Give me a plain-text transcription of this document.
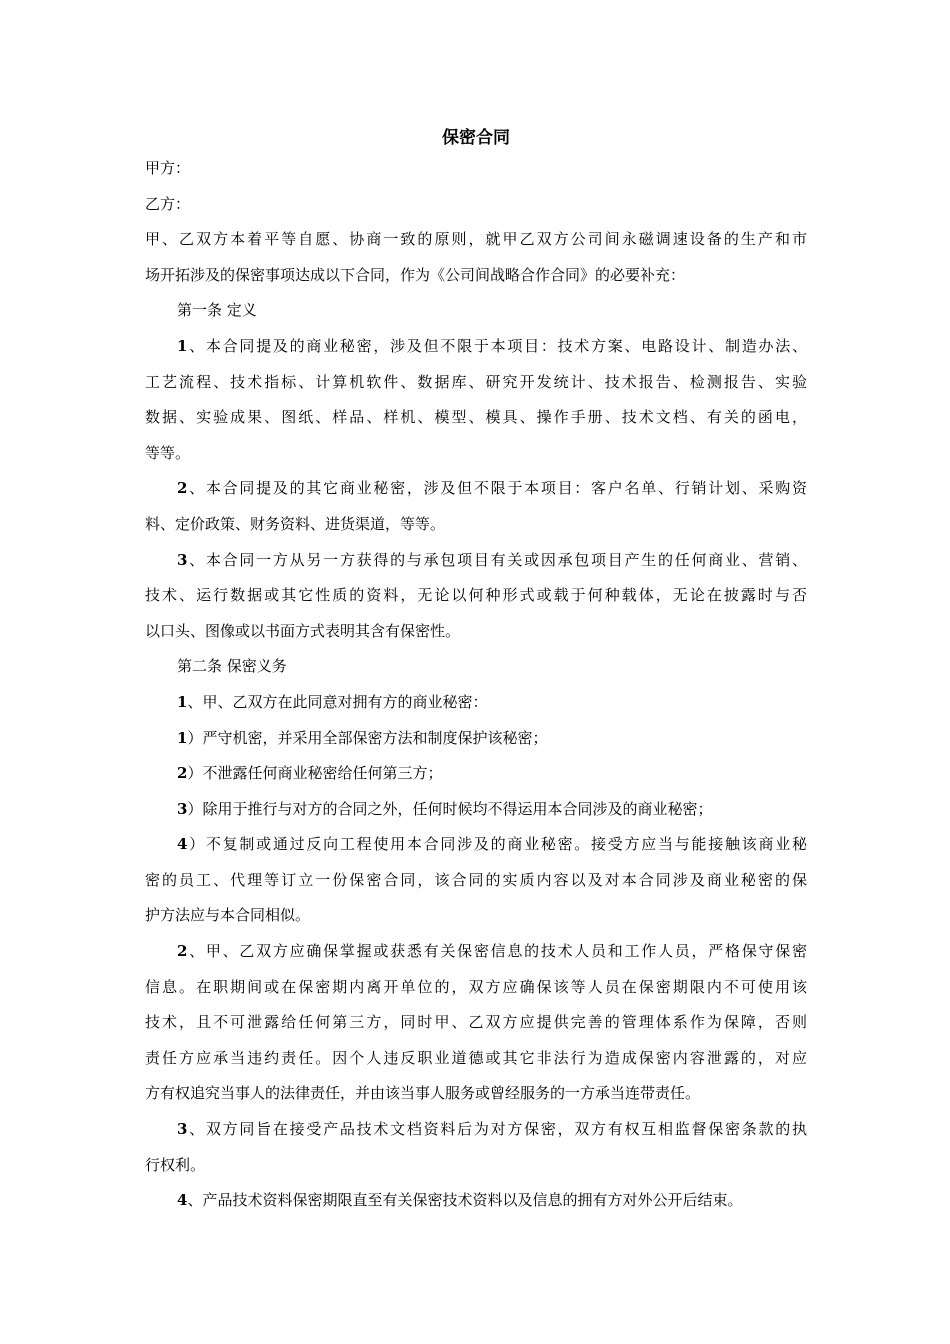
保密合同
甲方：
乙方：
甲、乙双方本着平等自愿、协商一致的原则，就甲乙双方公司间永磁调速设备的生产和市
场开拓涉及的保密事项达成以下合同，作为《公司间战略合作合同》的必要补充：
第一条 定义
1、本合同提及的商业秘密，涉及但不限于本项目：技术方案、电路设计、制造办法、
工艺流程、技术指标、计算机软件、数据库、研究开发统计、技术报告、检测报告、实验
数据、实验成果、图纸、样品、样机、模型、模具、操作手册、技术文档、有关的函电，
等等。
2、本合同提及的其它商业秘密，涉及但不限于本项目：客户名单、行销计划、采购资
料、定价政策、财务资料、进货渠道，等等。
3、本合同一方从另一方获得的与承包项目有关或因承包项目产生的任何商业、营销、
技术、运行数据或其它性质的资料，无论以何种形式或载于何种载体，无论在披露时与否
以口头、图像或以书面方式表明其含有保密性。
第二条 保密义务
1、甲、乙双方在此同意对拥有方的商业秘密：
1）严守机密，并采用全部保密方法和制度保护该秘密；
2）不泄露任何商业秘密给任何第三方；
3）除用于推行与对方的合同之外，任何时候均不得运用本合同涉及的商业秘密；
4）不复制或通过反向工程使用本合同涉及的商业秘密。接受方应当与能接触该商业秘
密的员工、代理等订立一份保密合同，该合同的实质内容以及对本合同涉及商业秘密的保
护方法应与本合同相似。
2、甲、乙双方应确保掌握或获悉有关保密信息的技术人员和工作人员，严格保守保密
信息。在职期间或在保密期内离开单位的，双方应确保该等人员在保密期限内不可使用该
技术，且不可泄露给任何第三方，同时甲、乙双方应提供完善的管理体系作为保障，否则
责任方应承当违约责任。因个人违反职业道德或其它非法行为造成保密内容泄露的，对应
方有权追究当事人的法律责任，并由该当事人服务或曾经服务的一方承当连带责任。
3、双方同旨在接受产品技术文档资料后为对方保密，双方有权互相监督保密条款的执
行权利。
4、产品技术资料保密期限直至有关保密技术资料以及信息的拥有方对外公开后结束。
